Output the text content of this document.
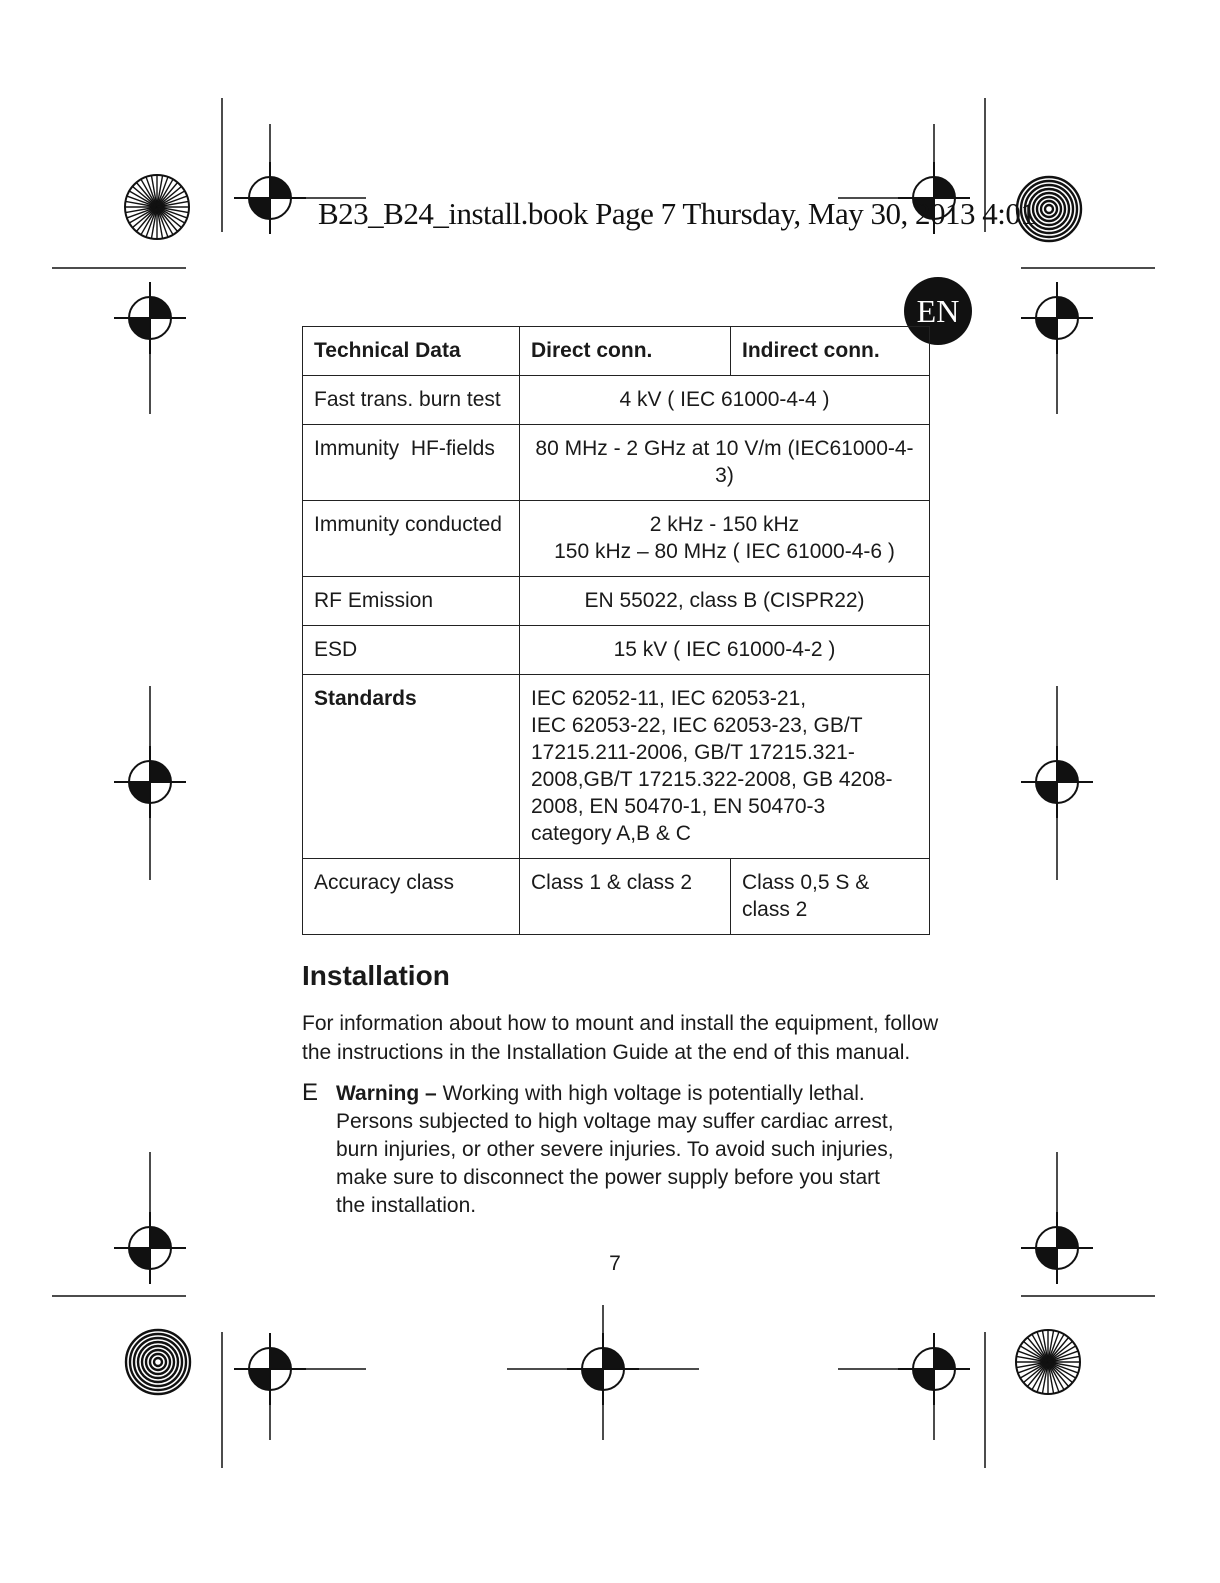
B23_B24_install.book Page 7 Thursday, May 30, 2013 4:01
EN
Technical Data	Direct conn.	Indirect conn.
Fast trans. burn test	4 kV ( IEC 61000-4-4 )	
Immunity  HF-fields	80 MHz - 2 GHz at 10 V/m (IEC61000-4-3)	
Immunity conducted	2 kHz - 150 kHz
150 kHz – 80 MHz ( IEC 61000-4-6 )	
RF Emission	EN 55022, class B (CISPR22)	
ESD	15 kV ( IEC 61000-4-2 )	
Standards	IEC 62052-11, IEC 62053-21,
IEC 62053-22, IEC 62053-23, GB/T 17215.211-2006, GB/T 17215.321-2008,GB/T 17215.322-2008, GB 4208-2008, EN 50470-1, EN 50470-3 category A,B & C	
Accuracy class	Class 1 & class 2	Class 0,5 S &
class 2
Installation

For information about how to mount and install the equipment, follow the instructions in the Installation Guide at the end of this manual.

E Warning – Working with high voltage is potentially lethal. Persons subjected to high voltage may suffer cardiac arrest, burn injuries, or other severe injuries. To avoid such injuries, make sure to disconnect the power supply before you start the installation.
7
